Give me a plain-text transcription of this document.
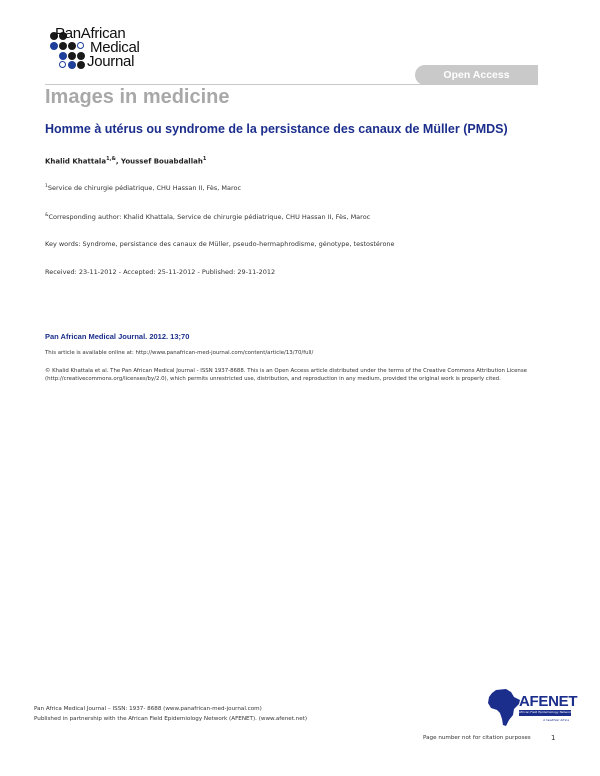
PanAfrican
Medical
Journal
Open Access
Images in medicine
Homme à utérus ou syndrome de la persistance des canaux de Müller (PMDS)
Khalid Khattala$^{1,\&}$, Youssef Bouabdallah$^1$
$^1$Service de chirurgie pédiatrique, CHU Hassan II, Fès, Maroc
&Corresponding author: Khalid Khattala, Service de chirurgie pédiatrique, CHU Hassan II, Fès, Maroc
Key words: Syndrome, persistance des canaux de Müller, pseudo-hermaphrodisme, génotype, testostérone
Received: 23-11-2012 - Accepted: 25-11-2012 - Published: 29-11-2012
Pan African Medical Journal. 2012. 13;70
This article is available online at: http://www.panafrican-med-journal.com/content/article/13/70/full/
© Khalid Khattala et al. The Pan African Medical Journal - ISSN 1937-8688. This is an Open Access article distributed under the terms of the Creative Commons Attribution License (http://creativecommons.org/licenses/by/2.0), which permits unrestricted use, distribution, and reproduction in any medium, provided the original work is properly cited.
Pan Africa Medical Journal – ISSN: 1937- 8688 (www.panafrican-med-journal.com)
Published in partnership with the African Field Epidemiology Network (AFENET). (www.afenet.net)
Page number not for citation purposes	1
AFENET
African Field Epidemiology Network
A healthier Africa
